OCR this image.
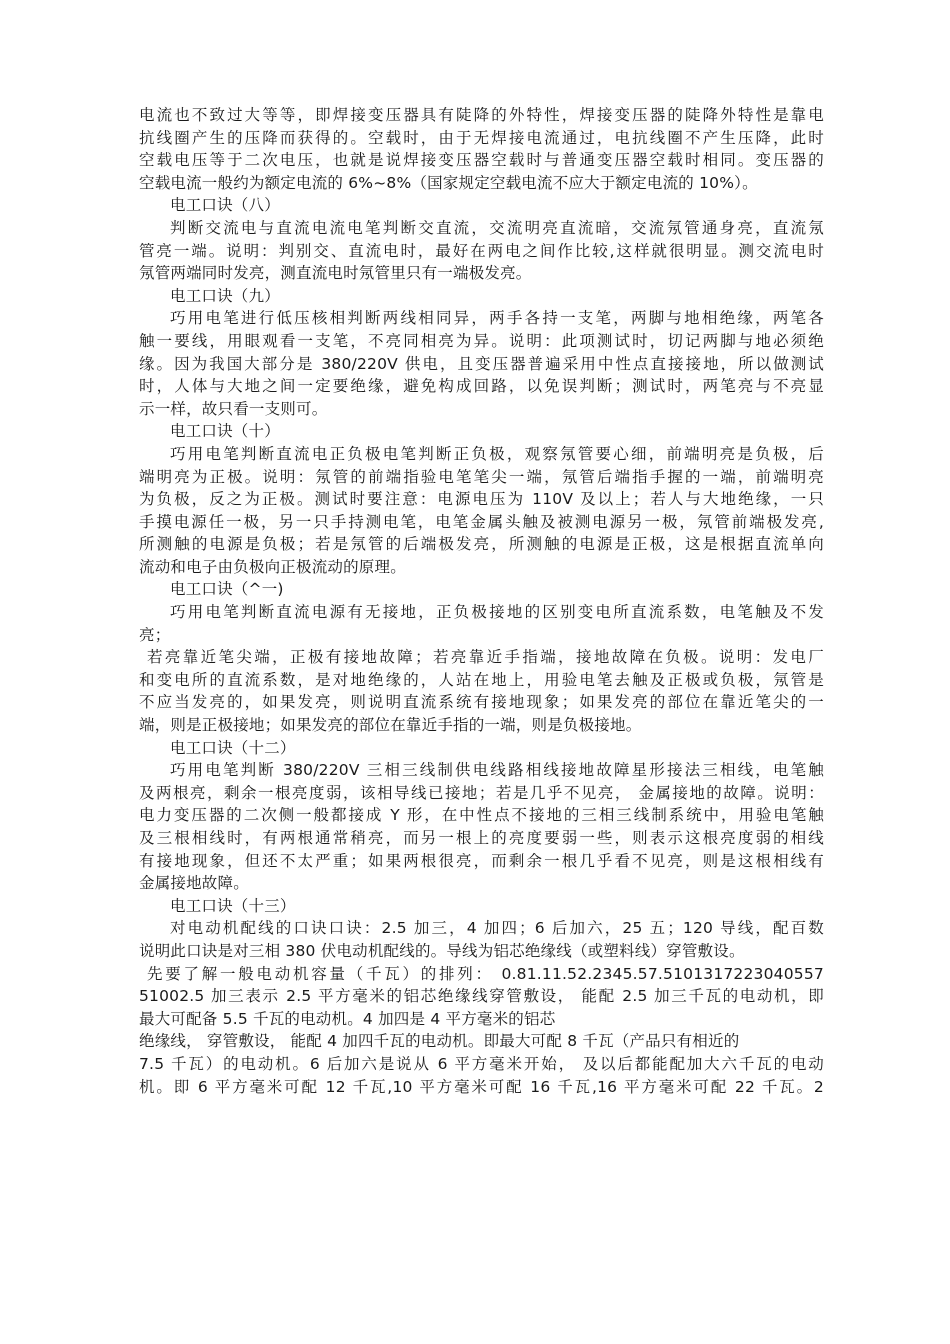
电流也不致过大等等，即焊接变压器具有陡降的外特性，焊接变压器的陡降外特性是靠电
抗线圈产生的压降而获得的。空载时，由于无焊接电流通过，电抗线圈不产生压降，此时
空载电压等于二次电压，也就是说焊接变压器空载时与普通变压器空载时相同。变压器的
空载电流一般约为额定电流的 6%~8%（国家规定空载电流不应大于额定电流的 10%）。
电工口诀（八）
判断交流电与直流电流电笔判断交直流，交流明亮直流暗，交流氖管通身亮，直流氖
管亮一端。说明：判别交、直流电时，最好在两电之间作比较,这样就很明显。测交流电时
氖管两端同时发亮，测直流电时氖管里只有一端极发亮。
电工口诀（九）
巧用电笔进行低压核相判断两线相同异，两手各持一支笔，两脚与地相绝缘，两笔各
触一要线，用眼观看一支笔，不亮同相亮为异。说明：此项测试时，切记两脚与地必须绝
缘。因为我国大部分是 380/220V 供电，且变压器普遍采用中性点直接接地，所以做测试
时，人体与大地之间一定要绝缘，避免构成回路，以免误判断；测试时，两笔亮与不亮显
示一样，故只看一支则可。
电工口诀（十）
巧用电笔判断直流电正负极电笔判断正负极，观察氖管要心细，前端明亮是负极，后
端明亮为正极。说明：氖管的前端指验电笔笔尖一端，氖管后端指手握的一端，前端明亮
为负极，反之为正极。测试时要注意：电源电压为 110V 及以上；若人与大地绝缘，一只
手摸电源任一极，另一只手持测电笔，电笔金属头触及被测电源另一极，氖管前端极发亮,
所测触的电源是负极；若是氖管的后端极发亮，所测触的电源是正极，这是根据直流单向
流动和电子由负极向正极流动的原理。
电工口诀（^一)
巧用电笔判断直流电源有无接地，正负极接地的区别变电所直流系数，电笔触及不发
亮；
若亮靠近笔尖端，正极有接地故障；若亮靠近手指端，接地故障在负极。说明：发电厂
和变电所的直流系数，是对地绝缘的，人站在地上，用验电笔去触及正极或负极，氖管是
不应当发亮的，如果发亮，则说明直流系统有接地现象；如果发亮的部位在靠近笔尖的一
端，则是正极接地；如果发亮的部位在靠近手指的一端，则是负极接地。
电工口诀（十二）
巧用电笔判断 380/220V 三相三线制供电线路相线接地故障星形接法三相线，电笔触
及两根亮，剩余一根亮度弱，该相导线已接地；若是几乎不见亮， 金属接地的故障。说明：
电力变压器的二次侧一般都接成 Y 形，在中性点不接地的三相三线制系统中，用验电笔触
及三根相线时，有两根通常稍亮，而另一根上的亮度要弱一些，则表示这根亮度弱的相线
有接地现象，但还不太严重；如果两根很亮，而剩余一根几乎看不见亮，则是这根相线有
金属接地故障。
电工口诀（十三）
对电动机配线的口诀口诀：2.5 加三，4 加四；6 后加六，25 五；120 导线，配百数
说明此口诀是对三相 380 伏电动机配线的。导线为铝芯绝缘线（或塑料线）穿管敷设。
先要了解一般电动机容量（千瓦）的排列： 0.81.11.52.2345.57.5101317223040557
51002.5 加三表示 2.5 平方毫米的铝芯绝缘线穿管敷设， 能配 2.5 加三千瓦的电动机，即
最大可配备 5.5 千瓦的电动机。4 加四是 4 平方毫米的铝芯
绝缘线， 穿管敷设， 能配 4 加四千瓦的电动机。即最大可配 8 千瓦（产品只有相近的
7.5 千瓦）的电动机。6 后加六是说从 6 平方毫米开始， 及以后都能配加大六千瓦的电动
机。即 6 平方毫米可配 12 千瓦,10 平方毫米可配 16 千瓦,16 平方毫米可配 22 千瓦。2
